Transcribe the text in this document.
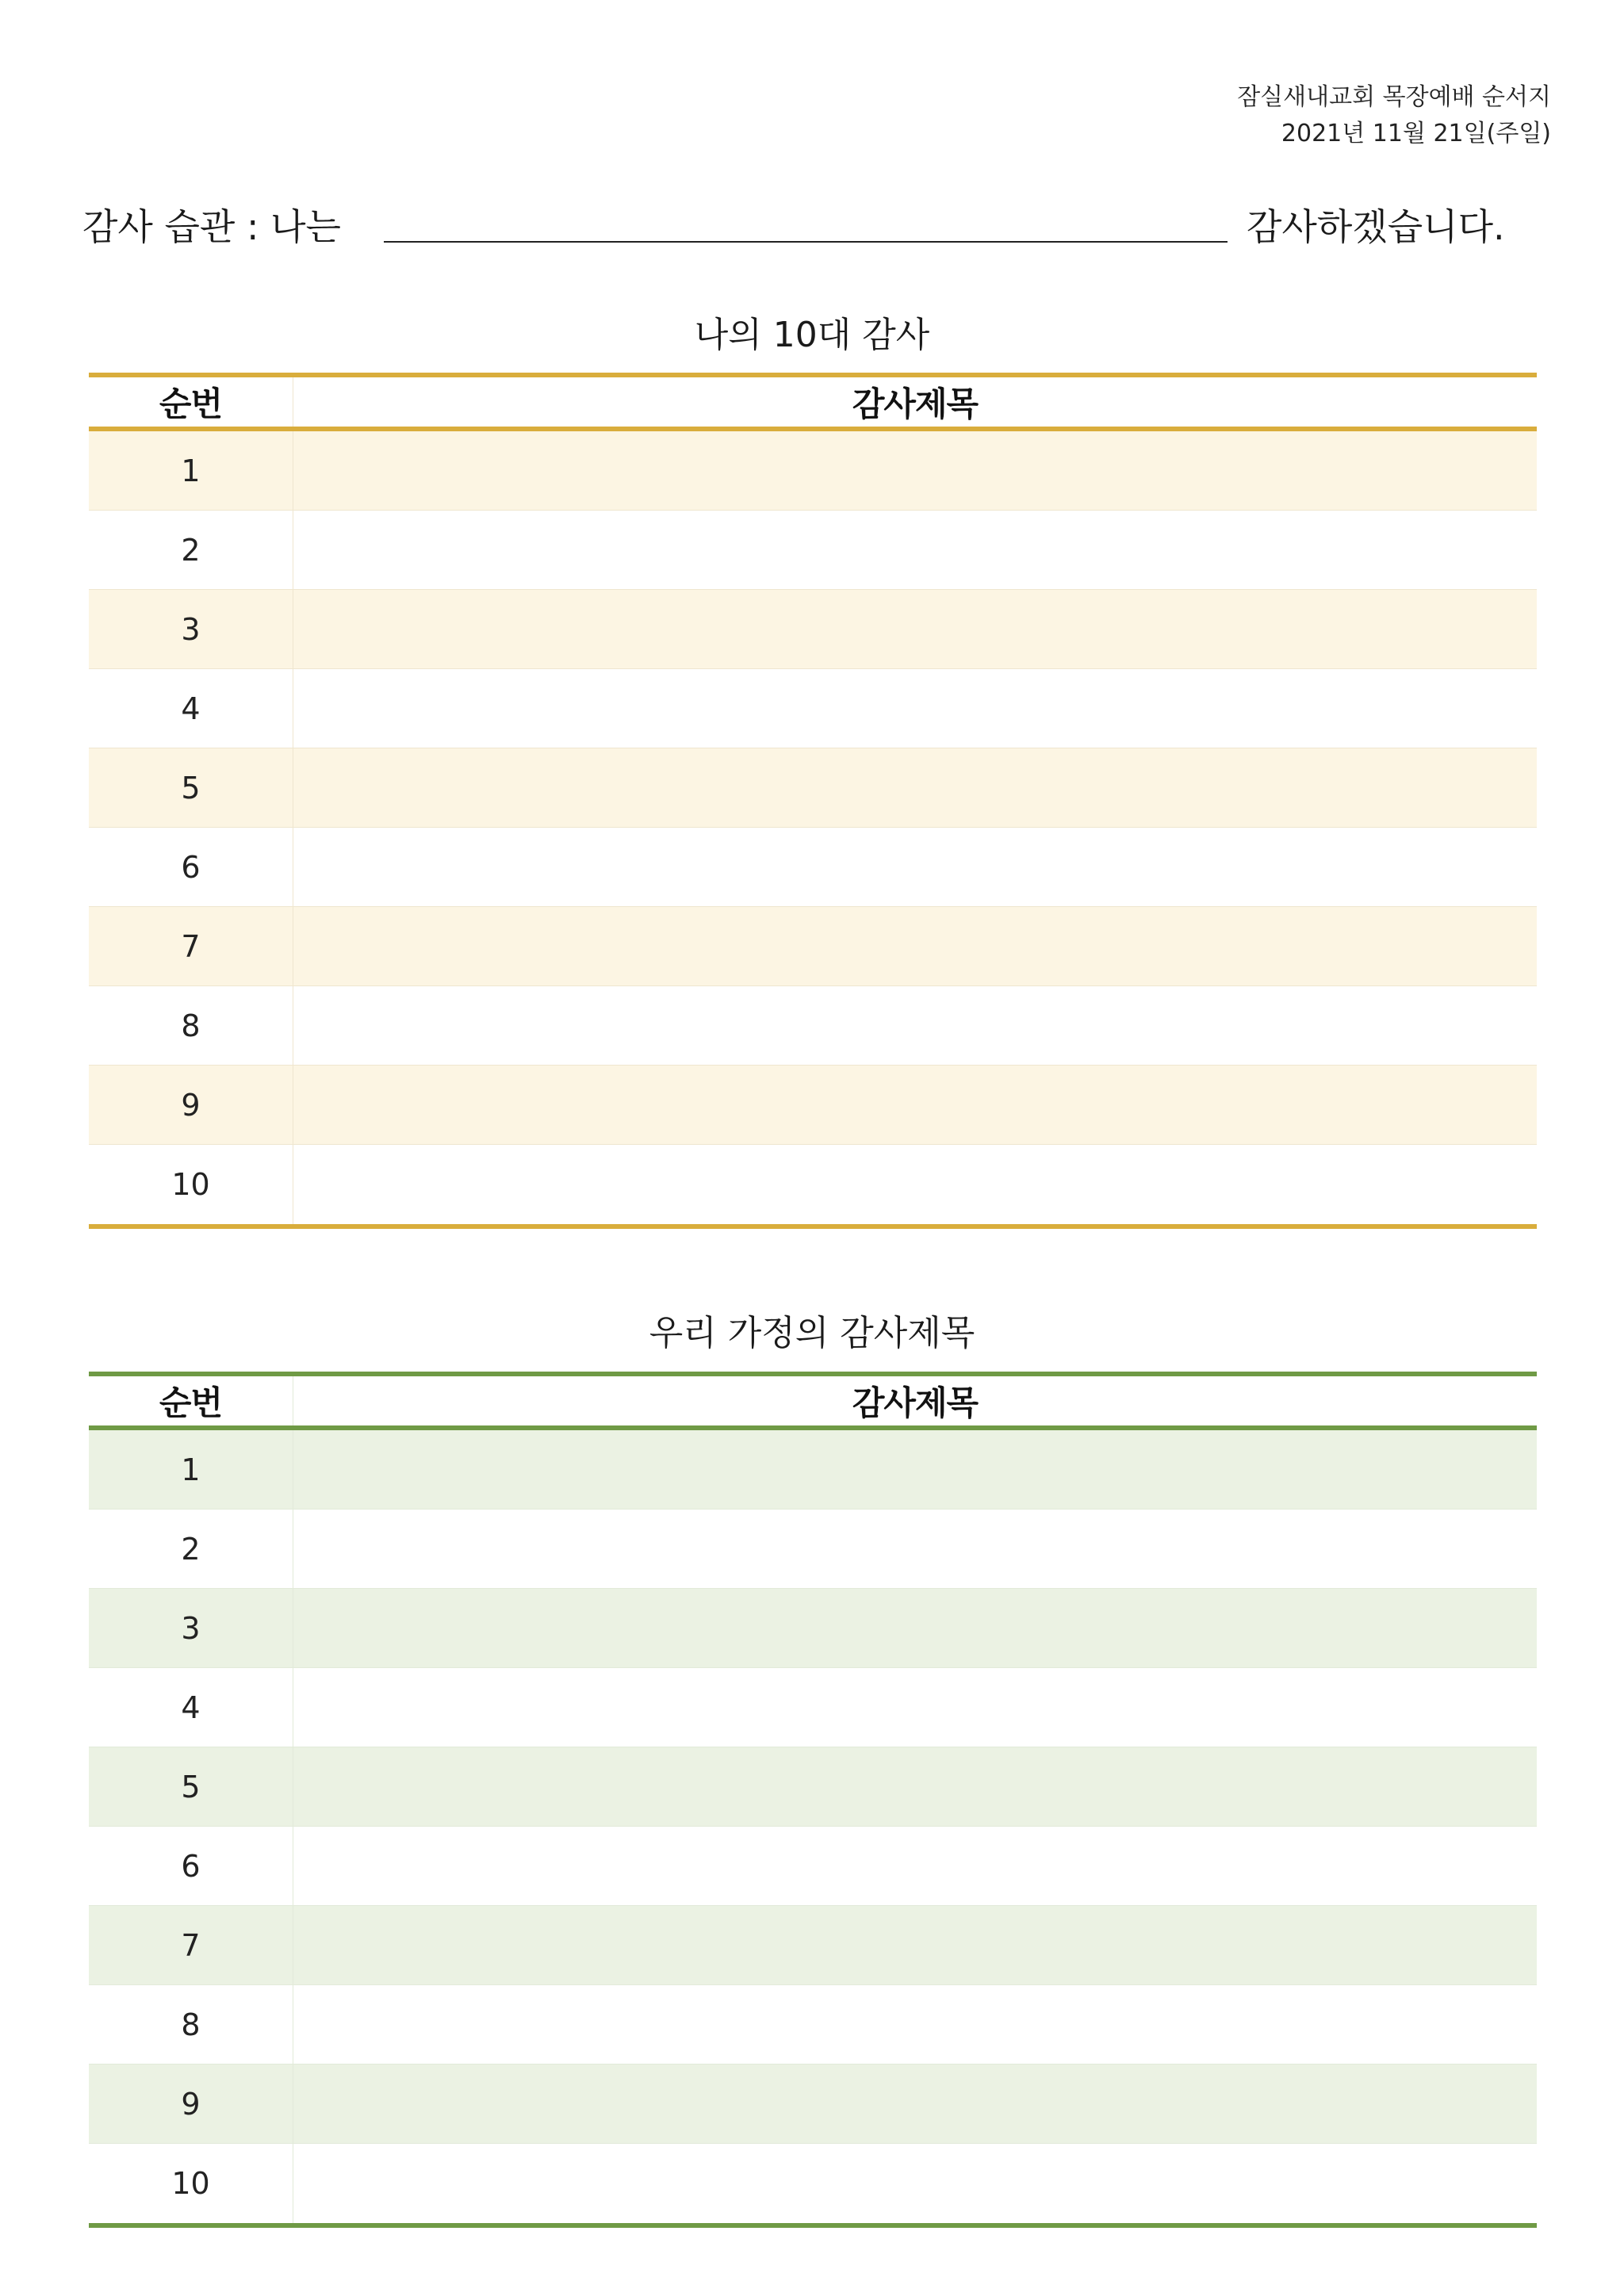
잠실새내교회 목장예배 순서지
2021년 11월 21일(주일)
감사 습관 : 나는	감사하겠습니다.
나의 10대 감사
순번	감사제목
1
2
3
4
5
6
7
8
9
10
우리 가정의 감사제목
순번	감사제목
1
2
3
4
5
6
7
8
9
10
